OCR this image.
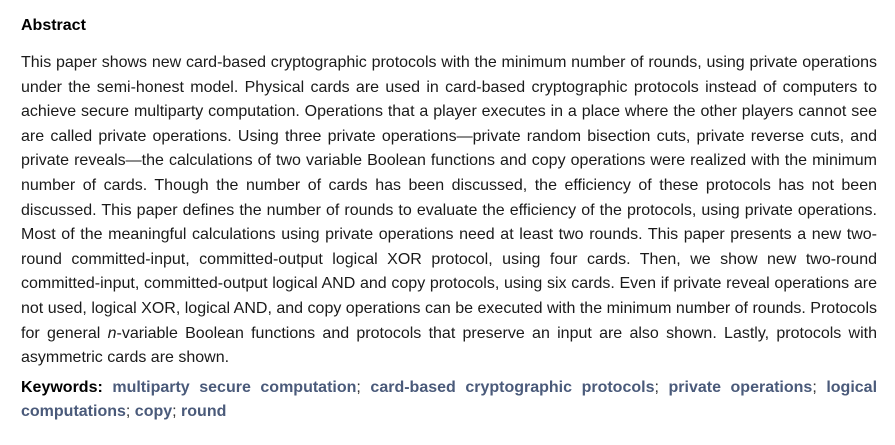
Abstract

This paper shows new card-based cryptographic protocols with the minimum number of rounds, using private operations under the semi-honest model. Physical cards are used in card-based cryptographic protocols instead of computers to achieve secure multiparty computation. Operations that a player executes in a place where the other players cannot see are called private operations. Using three private operations—private random bisection cuts, private reverse cuts, and private reveals—the calculations of two variable Boolean functions and copy operations were realized with the minimum number of cards. Though the number of cards has been discussed, the efficiency of these protocols has not been discussed. This paper defines the number of rounds to evaluate the efficiency of the protocols, using private operations. Most of the meaningful calculations using private operations need at least two rounds. This paper presents a new two-round committed-input, committed-output logical XOR protocol, using four cards. Then, we show new two-round committed-input, committed-output logical AND and copy protocols, using six cards. Even if private reveal operations are not used, logical XOR, logical AND, and copy operations can be executed with the minimum number of rounds. Protocols for general n-variable Boolean functions and protocols that preserve an input are also shown. Lastly, protocols with asymmetric cards are shown.

Keywords: multiparty secure computation; card-based cryptographic protocols; private operations; logical computations; copy; round
